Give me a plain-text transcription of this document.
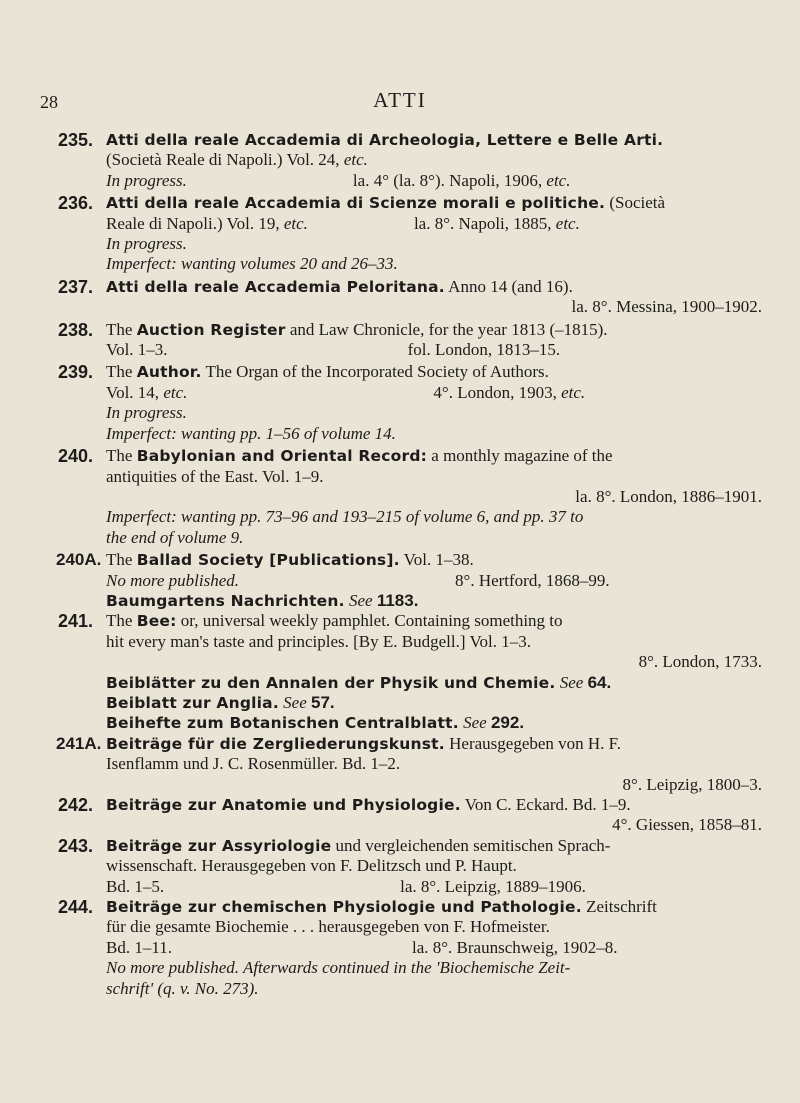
28	ATTI
235. Atti della reale Accademia di Archeologia, Lettere e Belle Arti.
(Società Reale di Napoli.) Vol. 24, etc.
In progress.	la. 4° (la. 8°). Napoli, 1906, etc.
236. Atti della reale Accademia di Scienze morali e politiche. (Società
Reale di Napoli.) Vol. 19, etc.	la. 8°. Napoli, 1885, etc.
In progress.
Imperfect: wanting volumes 20 and 26–33.
237. Atti della reale Accademia Peloritana. Anno 14 (and 16).
la. 8°. Messina, 1900–1902.
238. The Auction Register and Law Chronicle, for the year 1813 (–1815).
Vol. 1–3.	fol. London, 1813–15.
239. The Author. The Organ of the Incorporated Society of Authors.
Vol. 14, etc.	4°. London, 1903, etc.
In progress.
Imperfect: wanting pp. 1–56 of volume 14.
240. The Babylonian and Oriental Record: a monthly magazine of the
antiquities of the East. Vol. 1–9.
la. 8°. London, 1886–1901.
Imperfect: wanting pp. 73–96 and 193–215 of volume 6, and pp. 37 to
the end of volume 9.
240A. The Ballad Society [Publications]. Vol. 1–38.
No more published.	8°. Hertford, 1868–99.
Baumgartens Nachrichten. See 1183.
241. The Bee: or, universal weekly pamphlet. Containing something to
hit every man's taste and principles. [By E. Budgell.] Vol. 1–3.
8°. London, 1733.
Beiblätter zu den Annalen der Physik und Chemie. See 64.
Beiblatt zur Anglia. See 57.
Beihefte zum Botanischen Centralblatt. See 292.
241A. Beiträge für die Zergliederungskunst. Herausgegeben von H. F.
Isenflamm und J. C. Rosenmüller. Bd. 1–2.
8°. Leipzig, 1800–3.
242. Beiträge zur Anatomie und Physiologie. Von C. Eckard. Bd. 1–9.
4°. Giessen, 1858–81.
243. Beiträge zur Assyriologie und vergleichenden semitischen Sprach-
wissenschaft. Herausgegeben von F. Delitzsch und P. Haupt.
Bd. 1–5.	la. 8°. Leipzig, 1889–1906.
244. Beiträge zur chemischen Physiologie und Pathologie. Zeitschrift
für die gesamte Biochemie . . . herausgegeben von F. Hofmeister.
Bd. 1–11.	la. 8°. Braunschweig, 1902–8.
No more published. Afterwards continued in the 'Biochemische Zeit-
schrift' (q. v. No. 273).
